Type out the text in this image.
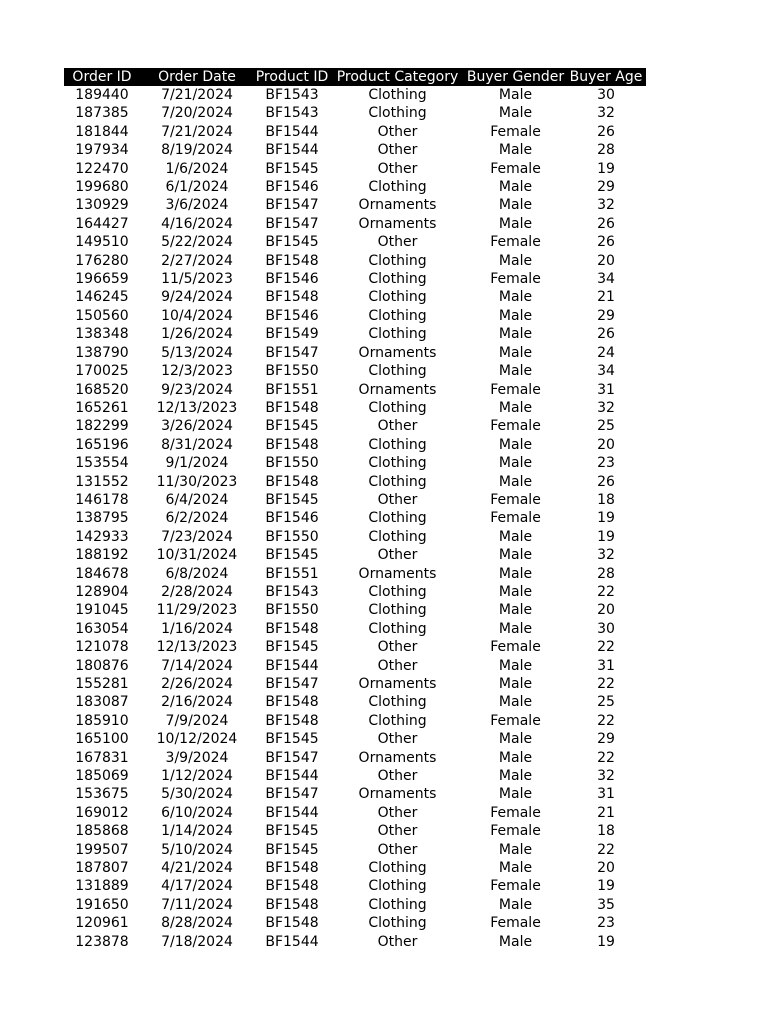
Order ID	Order Date	Product ID	Product Category	Buyer Gender	Buyer Age
189440	7/21/2024	BF1543	Clothing	Male	30
187385	7/20/2024	BF1543	Clothing	Male	32
181844	7/21/2024	BF1544	Other	Female	26
197934	8/19/2024	BF1544	Other	Male	28
122470	1/6/2024	BF1545	Other	Female	19
199680	6/1/2024	BF1546	Clothing	Male	29
130929	3/6/2024	BF1547	Ornaments	Male	32
164427	4/16/2024	BF1547	Ornaments	Male	26
149510	5/22/2024	BF1545	Other	Female	26
176280	2/27/2024	BF1548	Clothing	Male	20
196659	11/5/2023	BF1546	Clothing	Female	34
146245	9/24/2024	BF1548	Clothing	Male	21
150560	10/4/2024	BF1546	Clothing	Male	29
138348	1/26/2024	BF1549	Clothing	Male	26
138790	5/13/2024	BF1547	Ornaments	Male	24
170025	12/3/2023	BF1550	Clothing	Male	34
168520	9/23/2024	BF1551	Ornaments	Female	31
165261	12/13/2023	BF1548	Clothing	Male	32
182299	3/26/2024	BF1545	Other	Female	25
165196	8/31/2024	BF1548	Clothing	Male	20
153554	9/1/2024	BF1550	Clothing	Male	23
131552	11/30/2023	BF1548	Clothing	Male	26
146178	6/4/2024	BF1545	Other	Female	18
138795	6/2/2024	BF1546	Clothing	Female	19
142933	7/23/2024	BF1550	Clothing	Male	19
188192	10/31/2024	BF1545	Other	Male	32
184678	6/8/2024	BF1551	Ornaments	Male	28
128904	2/28/2024	BF1543	Clothing	Male	22
191045	11/29/2023	BF1550	Clothing	Male	20
163054	1/16/2024	BF1548	Clothing	Male	30
121078	12/13/2023	BF1545	Other	Female	22
180876	7/14/2024	BF1544	Other	Male	31
155281	2/26/2024	BF1547	Ornaments	Male	22
183087	2/16/2024	BF1548	Clothing	Male	25
185910	7/9/2024	BF1548	Clothing	Female	22
165100	10/12/2024	BF1545	Other	Male	29
167831	3/9/2024	BF1547	Ornaments	Male	22
185069	1/12/2024	BF1544	Other	Male	32
153675	5/30/2024	BF1547	Ornaments	Male	31
169012	6/10/2024	BF1544	Other	Female	21
185868	1/14/2024	BF1545	Other	Female	18
199507	5/10/2024	BF1545	Other	Male	22
187807	4/21/2024	BF1548	Clothing	Male	20
131889	4/17/2024	BF1548	Clothing	Female	19
191650	7/11/2024	BF1548	Clothing	Male	35
120961	8/28/2024	BF1548	Clothing	Female	23
123878	7/18/2024	BF1544	Other	Male	19
